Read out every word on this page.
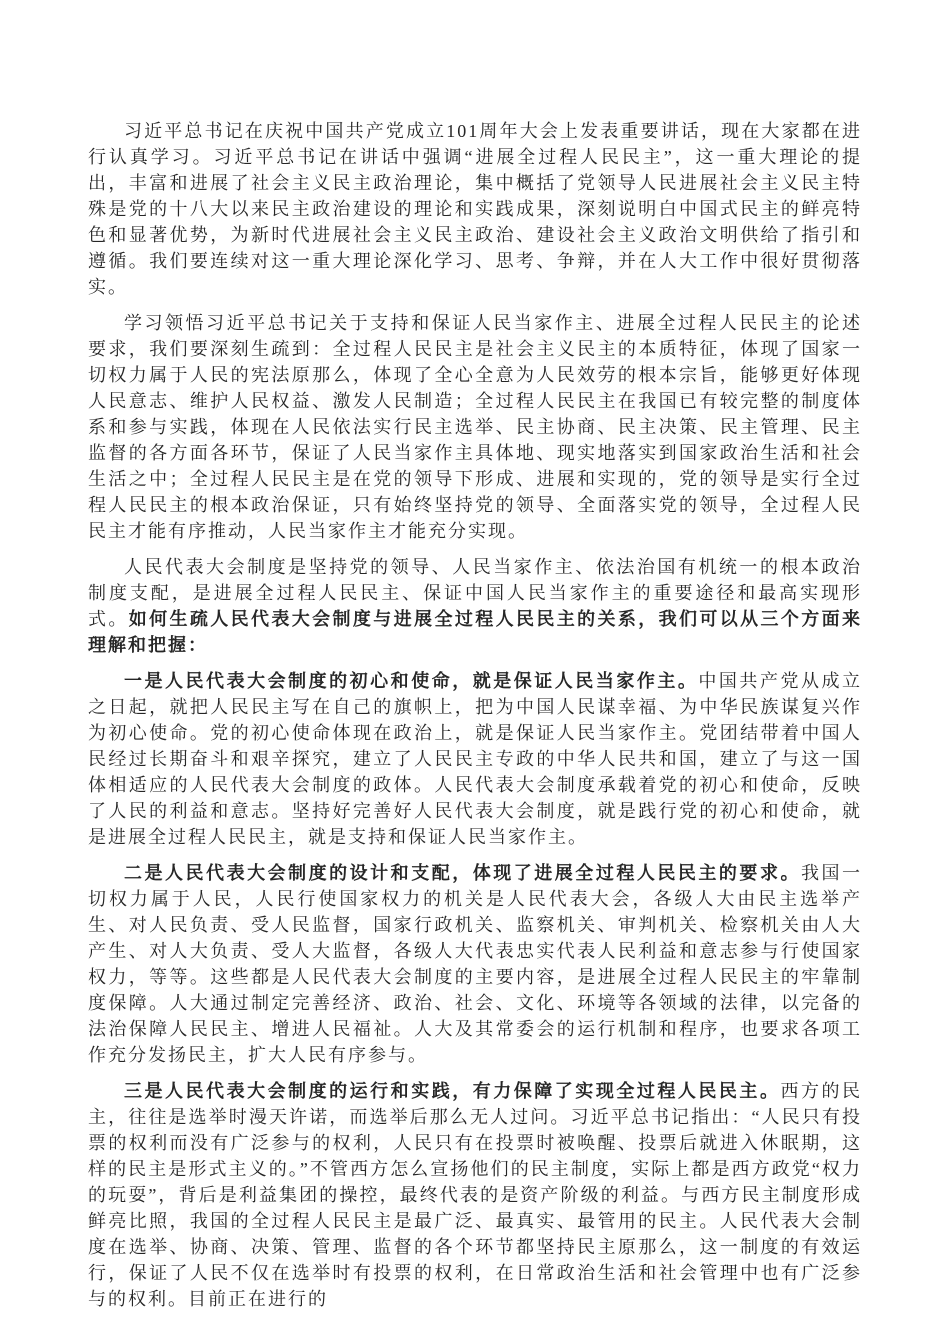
习近平总书记在庆祝中国共产党成立101周年大会上发表重要讲话，现在大家都在进行认真学习。习近平总书记在讲话中强调“进展全过程人民民主”，这一重大理论的提出，丰富和进展了社会主义民主政治理论，集中概括了党领导人民进展社会主义民主特殊是党的十八大以来民主政治建设的理论和实践成果，深刻说明白中国式民主的鲜亮特色和显著优势，为新时代进展社会主义民主政治、建设社会主义政治文明供给了指引和遵循。我们要连续对这一重大理论深化学习、思考、争辩，并在人大工作中很好贯彻落实。

学习领悟习近平总书记关于支持和保证人民当家作主、进展全过程人民民主的论述要求，我们要深刻生疏到：全过程人民民主是社会主义民主的本质特征，体现了国家一切权力属于人民的宪法原那么，体现了全心全意为人民效劳的根本宗旨，能够更好体现人民意志、维护人民权益、激发人民制造；全过程人民民主在我国已有较完整的制度体系和参与实践，体现在人民依法实行民主选举、民主协商、民主决策、民主管理、民主监督的各方面各环节，保证了人民当家作主具体地、现实地落实到国家政治生活和社会生活之中；全过程人民民主是在党的领导下形成、进展和实现的，党的领导是实行全过程人民民主的根本政治保证，只有始终坚持党的领导、全面落实党的领导，全过程人民民主才能有序推动，人民当家作主才能充分实现。

人民代表大会制度是坚持党的领导、人民当家作主、依法治国有机统一的根本政治制度支配，是进展全过程人民民主、保证中国人民当家作主的重要途径和最高实现形式。如何生疏人民代表大会制度与进展全过程人民民主的关系，我们可以从三个方面来理解和把握：

一是人民代表大会制度的初心和使命，就是保证人民当家作主。中国共产党从成立之日起，就把人民民主写在自己的旗帜上，把为中国人民谋幸福、为中华民族谋复兴作为初心使命。党的初心使命体现在政治上，就是保证人民当家作主。党团结带着中国人民经过长期奋斗和艰辛探究，建立了人民民主专政的中华人民共和国，建立了与这一国体相适应的人民代表大会制度的政体。人民代表大会制度承载着党的初心和使命，反映了人民的利益和意志。坚持好完善好人民代表大会制度，就是践行党的初心和使命，就是进展全过程人民民主，就是支持和保证人民当家作主。

二是人民代表大会制度的设计和支配，体现了进展全过程人民民主的要求。我国一切权力属于人民，人民行使国家权力的机关是人民代表大会，各级人大由民主选举产生、对人民负责、受人民监督，国家行政机关、监察机关、审判机关、检察机关由人大产生、对人大负责、受人大监督，各级人大代表忠实代表人民利益和意志参与行使国家权力，等等。这些都是人民代表大会制度的主要内容，是进展全过程人民民主的牢靠制度保障。人大通过制定完善经济、政治、社会、文化、环境等各领域的法律，以完备的法治保障人民民主、增进人民福祉。人大及其常委会的运行机制和程序，也要求各项工作充分发扬民主，扩大人民有序参与。

三是人民代表大会制度的运行和实践，有力保障了实现全过程人民民主。西方的民主，往往是选举时漫天许诺，而选举后那么无人过问。习近平总书记指出：“人民只有投票的权利而没有广泛参与的权利，人民只有在投票时被唤醒、投票后就进入休眠期，这样的民主是形式主义的。”不管西方怎么宣扬他们的民主制度，实际上都是西方政党“权力的玩耍”，背后是利益集团的操控，最终代表的是资产阶级的利益。与西方民主制度形成鲜亮比照，我国的全过程人民民主是最广泛、最真实、最管用的民主。人民代表大会制度在选举、协商、决策、管理、监督的各个环节都坚持民主原那么，这一制度的有效运行，保证了人民不仅在选举时有投票的权利，在日常政治生活和社会管理中也有广泛参与的权利。目前正在进行的
